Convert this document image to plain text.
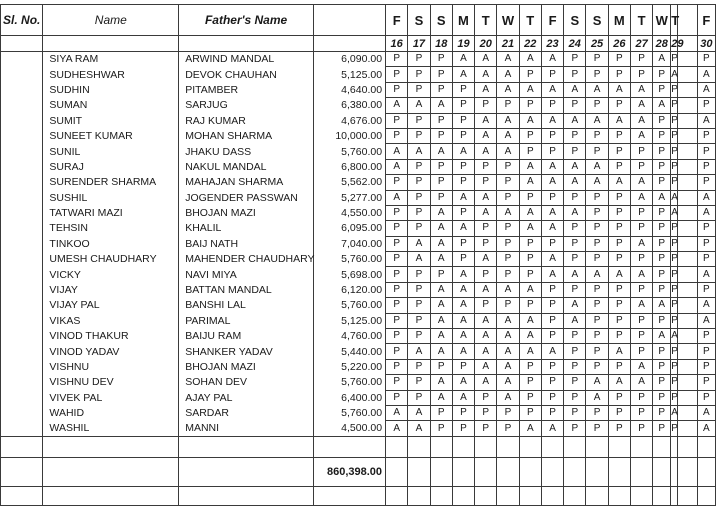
Sl. No.	Name	Father's Name		F	S	S	M	T	W	T	F	S	S	M	T	W	T		F
				16	17	18	19	20	21	22	23	24	25	26	27	28	29		30
	SIYA RAM	ARWIND MANDAL	6,090.00	P	P	P	A	A	A	A	A	P	P	P	P	A	P		P
	SUDHESHWAR	DEVOK CHAUHAN	5,125.00	P	P	P	A	A	A	P	P	P	P	P	P	P	A		A
	SUDHIN	PITAMBER	4,640.00	P	P	P	P	A	A	A	A	A	A	A	A	P	P		A
	SUMAN	SARJUG	6,380.00	A	A	A	P	P	P	P	P	P	P	P	A	A	P		P
	SUMIT	RAJ KUMAR	4,676.00	P	P	P	P	A	A	A	A	A	A	A	A	P	P		A
	SUNEET KUMAR	MOHAN SHARMA	10,000.00	P	P	P	P	A	A	P	P	P	P	P	A	P	P		P
	SUNIL	JHAKU DASS	5,760.00	A	A	A	A	A	A	P	P	P	P	P	P	P	P		P
	SURAJ	NAKUL MANDAL	6,800.00	A	P	P	P	P	P	A	A	A	A	P	P	P	P		P
	SURENDER SHARMA	MAHAJAN SHARMA	5,562.00	P	P	P	P	P	P	A	A	A	A	A	A	P	P		P
	SUSHIL	JOGENDER PASSWAN	5,277.00	A	P	P	A	A	P	P	P	P	P	P	A	A	A		A
	TATWARI MAZI	BHOJAN MAZI	4,550.00	P	P	A	P	A	A	A	A	A	P	P	P	P	A		A
	TEHSIN	KHALIL	6,095.00	P	P	A	A	P	P	A	A	P	P	P	P	P	P		P
	TINKOO	BAIJ NATH	7,040.00	P	A	A	P	P	P	P	P	P	P	P	A	P	P		P
	UMESH CHAUDHARY	MAHENDER CHAUDHARY	5,760.00	P	A	A	P	A	P	P	A	P	P	P	P	P	P		P
	VICKY	NAVI MIYA	5,698.00	P	P	P	A	P	P	P	A	A	A	A	A	P	P		A
	VIJAY	BATTAN MANDAL	6,120.00	P	P	A	A	A	A	A	P	P	P	P	P	P	P		P
	VIJAY PAL	BANSHI LAL	5,760.00	P	P	A	A	P	P	P	P	A	P	P	A	A	P		A
	VIKAS	PARIMAL	5,125.00	P	P	A	A	A	A	A	P	A	P	P	P	P	P		A
	VINOD THAKUR	BAIJU RAM	4,760.00	P	P	A	A	A	A	A	P	P	P	P	P	A	A		P
	VINOD YADAV	SHANKER YADAV	5,440.00	P	A	A	A	A	A	A	A	P	P	A	P	P	P		P
	VISHNU	BHOJAN MAZI	5,220.00	P	P	P	P	A	A	P	P	P	P	P	A	P	P		P
	VISHNU DEV	SOHAN DEV	5,760.00	P	P	A	A	A	A	P	P	P	A	A	A	P	P		P
	VIVEK PAL	AJAY PAL	6,400.00	P	P	A	A	P	A	P	P	P	A	P	P	P	P		P
	WAHID	SARDAR	5,760.00	A	A	P	P	P	P	P	P	P	P	P	P	P	A		A
	WASHIL	MANNI	4,500.00	A	A	P	P	P	P	A	A	P	P	P	P	P	P		A

			860,398.00																
